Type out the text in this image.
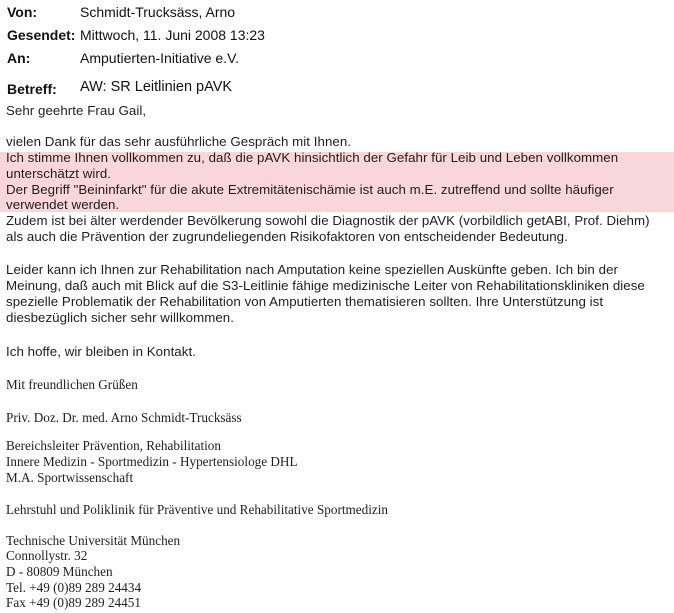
Von:	Schmidt-Trucksäss, Arno
Gesendet: Mittwoch, 11. Juni 2008 13:23
An:	Amputierten-Initiative e.V.
Betreff: AW: SR Leitlinien pAVK

Sehr geehrte Frau Gail,

vielen Dank für das sehr ausführliche Gespräch mit Ihnen.

Ich stimme Ihnen vollkommen zu, daß die pAVK hinsichtlich der Gefahr für Leib und Leben vollkommen

unterschätzt wird.

Der Begriff "Beininfarkt" für die akute Extremitätenischämie ist auch m.E. zutreffend und sollte häufiger

verwendet werden.

Zudem ist bei älter werdender Bevölkerung sowohl die Diagnostik der pAVK (vorbildlich getABI, Prof. Diehm)

als auch die Prävention der zugrundeliegenden Risikofaktoren von entscheidender Bedeutung.

Leider kann ich Ihnen zur Rehabilitation nach Amputation keine speziellen Auskünfte geben. Ich bin der

Meinung, daß auch mit Blick auf die S3-Leitlinie fähige medizinische Leiter von Rehabilitationskliniken diese

spezielle Problematik der Rehabilitation von Amputierten thematisieren sollten. Ihre Unterstützung ist

diesbezüglich sicher sehr willkommen.

Ich hoffe, wir bleiben in Kontakt.

Mit freundlichen Grüßen

Priv. Doz. Dr. med. Arno Schmidt-Trucksäss

Bereichsleiter Prävention, Rehabilitation

Innere Medizin - Sportmedizin - Hypertensiologe DHL

M.A. Sportwissenschaft

Lehrstuhl und Poliklinik für Präventive und Rehabilitative Sportmedizin

Technische Universität München

Connollystr. 32

D - 80809 München

Tel. +49 (0)89 289 24434

Fax +49 (0)89 289 24451
